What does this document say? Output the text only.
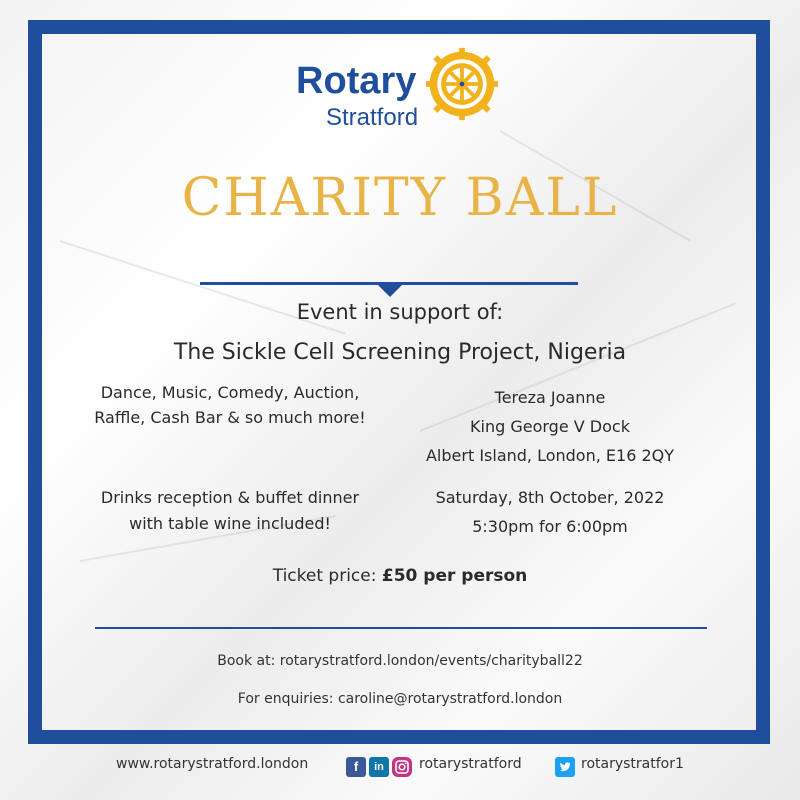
Rotary
Stratford
CHARITY BALL
Event in support of:
The Sickle Cell Screening Project, Nigeria
Dance, Music, Comedy, Auction,
Raffle, Cash Bar & so much more!
Tereza Joanne
King George V Dock
Albert Island, London, E16 2QY
Drinks reception & buffet dinner
with table wine included!
Saturday, 8th October, 2022
5:30pm for 6:00pm
Ticket price: £50 per person
Book at: rotarystratford.london/events/charityball22
For enquiries: caroline@rotarystratford.london
www.rotarystratford.london	f	in	rotarystratford	rotarystratfor1
